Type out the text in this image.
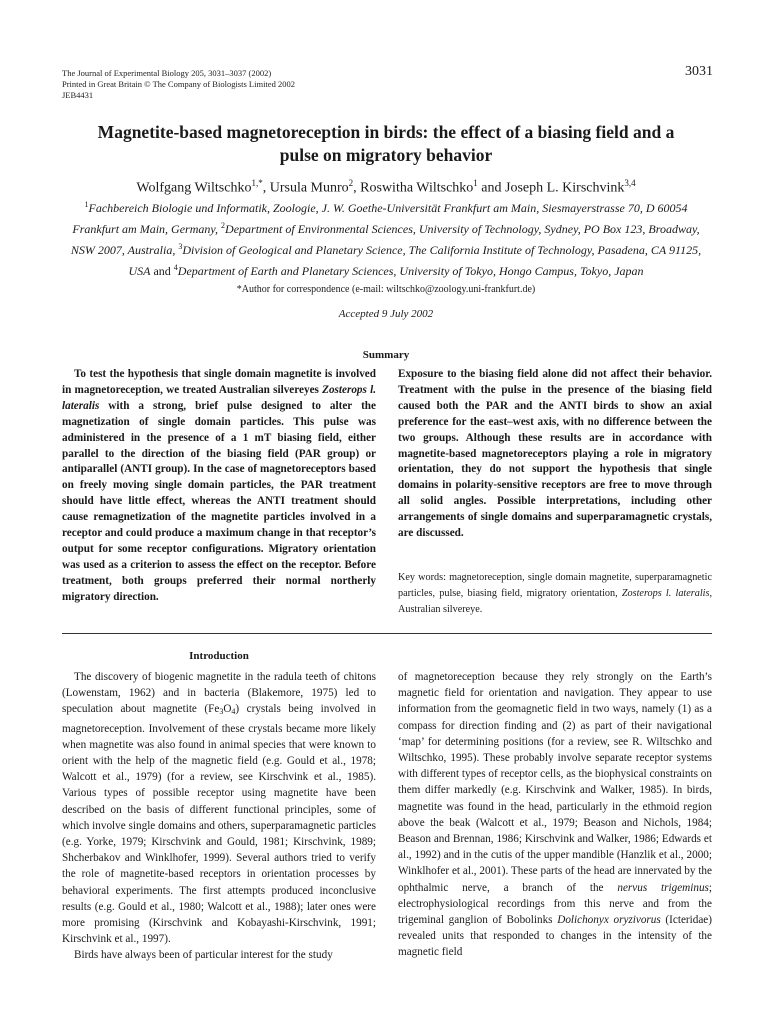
The Journal of Experimental Biology 205, 3031–3037 (2002)
Printed in Great Britain © The Company of Biologists Limited 2002
JEB4431
3031
Magnetite-based magnetoreception in birds: the effect of a biasing field and a
pulse on migratory behavior
Wolfgang Wiltschko$^{1,*}$, Ursula Munro$^2$, Roswitha Wiltschko$^1$ and Joseph L. Kirschvink$^{3,4}$
$^1$Fachbereich Biologie und Informatik, Zoologie, J. W. Goethe-Universität Frankfurt am Main, Siesmayerstrasse 70, D 60054 Frankfurt am Main, Germany, $^2$Department of Environmental Sciences, University of Technology, Sydney, PO Box 123, Broadway, NSW 2007, Australia, $^3$Division of Geological and Planetary Science, The California Institute of Technology, Pasadena, CA 91125, USA and $^4$Department of Earth and Planetary Sciences, University of Tokyo, Hongo Campus, Tokyo, Japan
*Author for correspondence (e-mail: wiltschko@zoology.uni-frankfurt.de)
Accepted 9 July 2002
Summary
To test the hypothesis that single domain magnetite is involved in magnetoreception, we treated Australian silvereyes Zosterops l. lateralis with a strong, brief pulse designed to alter the magnetization of single domain particles. This pulse was administered in the presence of a 1 mT biasing field, either parallel to the direction of the biasing field (PAR group) or antiparallel (ANTI group). In the case of magnetoreceptors based on freely moving single domain particles, the PAR treatment should have little effect, whereas the ANTI treatment should cause remagnetization of the magnetite particles involved in a receptor and could produce a maximum change in that receptor’s output for some receptor configurations. Migratory orientation was used as a criterion to assess the effect on the receptor. Before treatment, both groups preferred their normal northerly migratory direction.
Exposure to the biasing field alone did not affect their behavior. Treatment with the pulse in the presence of the biasing field caused both the PAR and the ANTI birds to show an axial preference for the east–west axis, with no difference between the two groups. Although these results are in accordance with magnetite-based magnetoreceptors playing a role in migratory orientation, they do not support the hypothesis that single domains in polarity-sensitive receptors are free to move through all solid angles. Possible interpretations, including other arrangements of single domains and superparamagnetic crystals, are discussed.
Key words: magnetoreception, single domain magnetite, superparamagnetic particles, pulse, biasing field, migratory orientation, Zosterops l. lateralis, Australian silvereye.
Introduction

The discovery of biogenic magnetite in the radula teeth of chitons (Lowenstam, 1962) and in bacteria (Blakemore, 1975) led to speculation about magnetite $(Fe_3O_4)$ crystals being involved in magnetoreception. Involvement of these crystals became more likely when magnetite was also found in animal species that were known to orient with the help of the magnetic field (e.g. Gould et al., 1978; Walcott et al., 1979) (for a review, see Kirschvink et al., 1985). Various types of possible receptor using magnetite have been described on the basis of different functional principles, some of which involve single domains and others, superparamagnetic particles (e.g. Yorke, 1979; Kirschvink and Gould, 1981; Kirschvink, 1989; Shcherbakov and Winklhofer, 1999). Several authors tried to verify the role of magnetite-based receptors in orientation processes by behavioral experiments. The first attempts produced inconclusive results (e.g. Gould et al., 1980; Walcott et al., 1988); later ones were more promising (Kirschvink and Kobayashi-Kirschvink, 1991; Kirschvink et al., 1997).

Birds have always been of particular interest for the study

of magnetoreception because they rely strongly on the Earth’s magnetic field for orientation and navigation. They appear to use information from the geomagnetic field in two ways, namely (1) as a compass for direction finding and (2) as part of their navigational ‘map’ for determining positions (for a review, see R. Wiltschko and Wiltschko, 1995). These probably involve separate receptor systems with different types of receptor cells, as the biophysical constraints on them differ markedly (e.g. Kirschvink and Walker, 1985). In birds, magnetite was found in the head, particularly in the ethmoid region above the beak (Walcott et al., 1979; Beason and Nichols, 1984; Beason and Brennan, 1986; Kirschvink and Walker, 1986; Edwards et al., 1992) and in the cutis of the upper mandible (Hanzlik et al., 2000; Winklhofer et al., 2001). These parts of the head are innervated by the ophthalmic nerve, a branch of the nervus trigeminus; electrophysiological recordings from this nerve and from the trigeminal ganglion of Bobolinks Dolichonyx oryzivorus (Icteridae) revealed units that responded to changes in the intensity of the magnetic field
